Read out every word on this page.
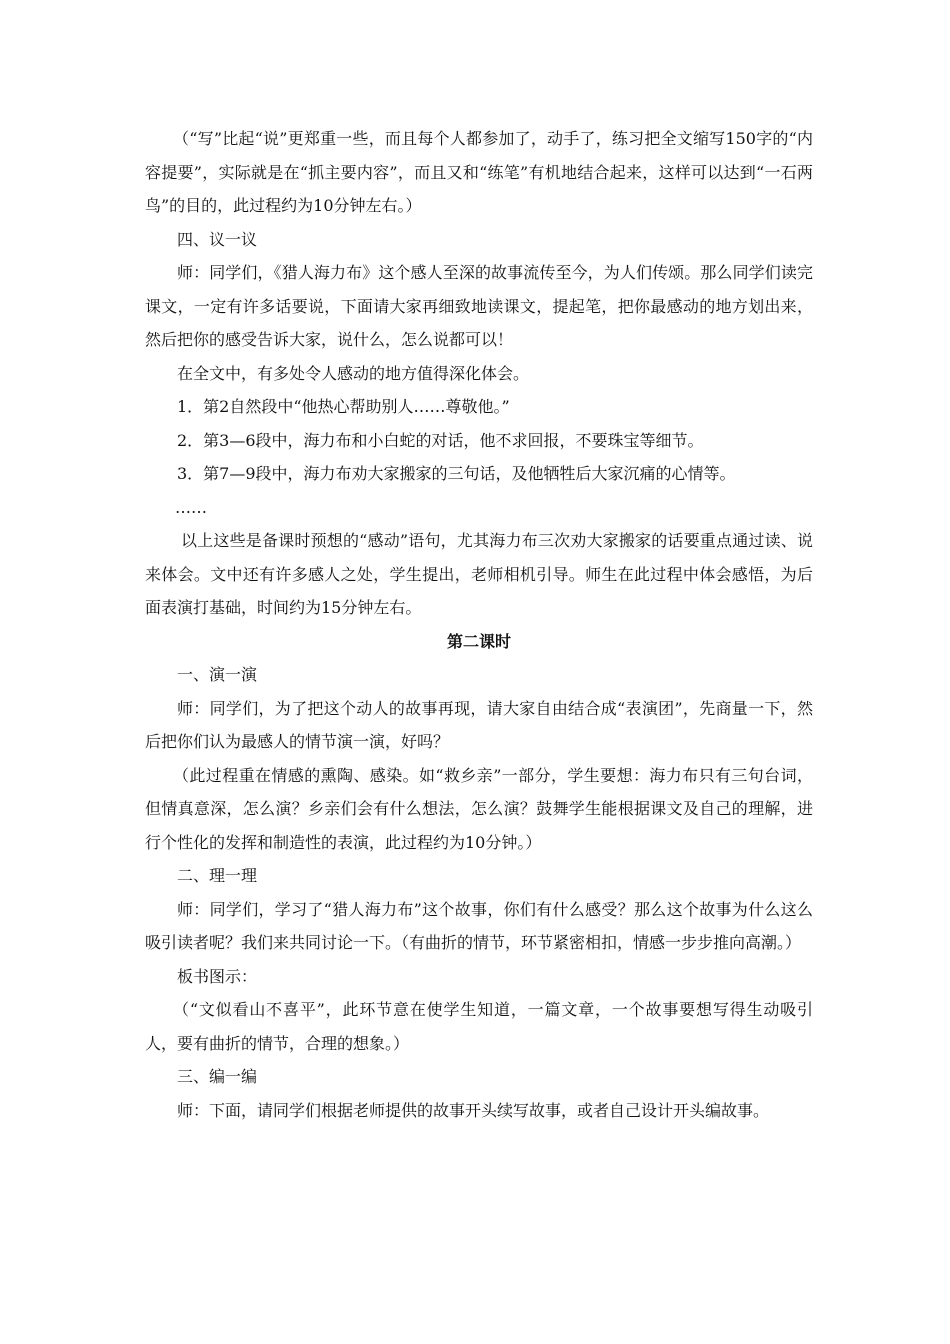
（“写”比起“说”更郑重一些，而且每个人都参加了，动手了，练习把全文缩写150字的“内容提要”，实际就是在“抓主要内容”，而且又和“练笔”有机地结合起来，这样可以达到“一石两鸟”的目的，此过程约为10分钟左右。）

四、议一议

师：同学们，《猎人海力布》这个感人至深的故事流传至今，为人们传颂。那么同学们读完课文，一定有许多话要说，下面请大家再细致地读课文，提起笔，把你最感动的地方划出来，然后把你的感受告诉大家，说什么，怎么说都可以！

在全文中，有多处令人感动的地方值得深化体会。

1．第2自然段中“他热心帮助别人……尊敬他。”

2．第3—6段中，海力布和小白蛇的对话，他不求回报，不要珠宝等细节。

3．第7—9段中，海力布劝大家搬家的三句话，及他牺牲后大家沉痛的心情等。

……

以上这些是备课时预想的“感动”语句，尤其海力布三次劝大家搬家的话要重点通过读、说来体会。文中还有许多感人之处，学生提出，老师相机引导。师生在此过程中体会感悟，为后面表演打基础，时间约为15分钟左右。

第二课时

一、演一演

师：同学们，为了把这个动人的故事再现，请大家自由结合成“表演团”，先商量一下，然后把你们认为最感人的情节演一演，好吗？

（此过程重在情感的熏陶、感染。如“救乡亲”一部分，学生要想：海力布只有三句台词，但情真意深，怎么演？乡亲们会有什么想法，怎么演？鼓舞学生能根据课文及自己的理解，进行个性化的发挥和制造性的表演，此过程约为10分钟。）

二、理一理

师：同学们，学习了“猎人海力布”这个故事，你们有什么感受？那么这个故事为什么这么吸引读者呢？我们来共同讨论一下。（有曲折的情节，环节紧密相扣，情感一步步推向高潮。）

板书图示：

（“文似看山不喜平”，此环节意在使学生知道，一篇文章，一个故事要想写得生动吸引人，要有曲折的情节，合理的想象。）

三、编一编

师：下面，请同学们根据老师提供的故事开头续写故事，或者自己设计开头编故事。
